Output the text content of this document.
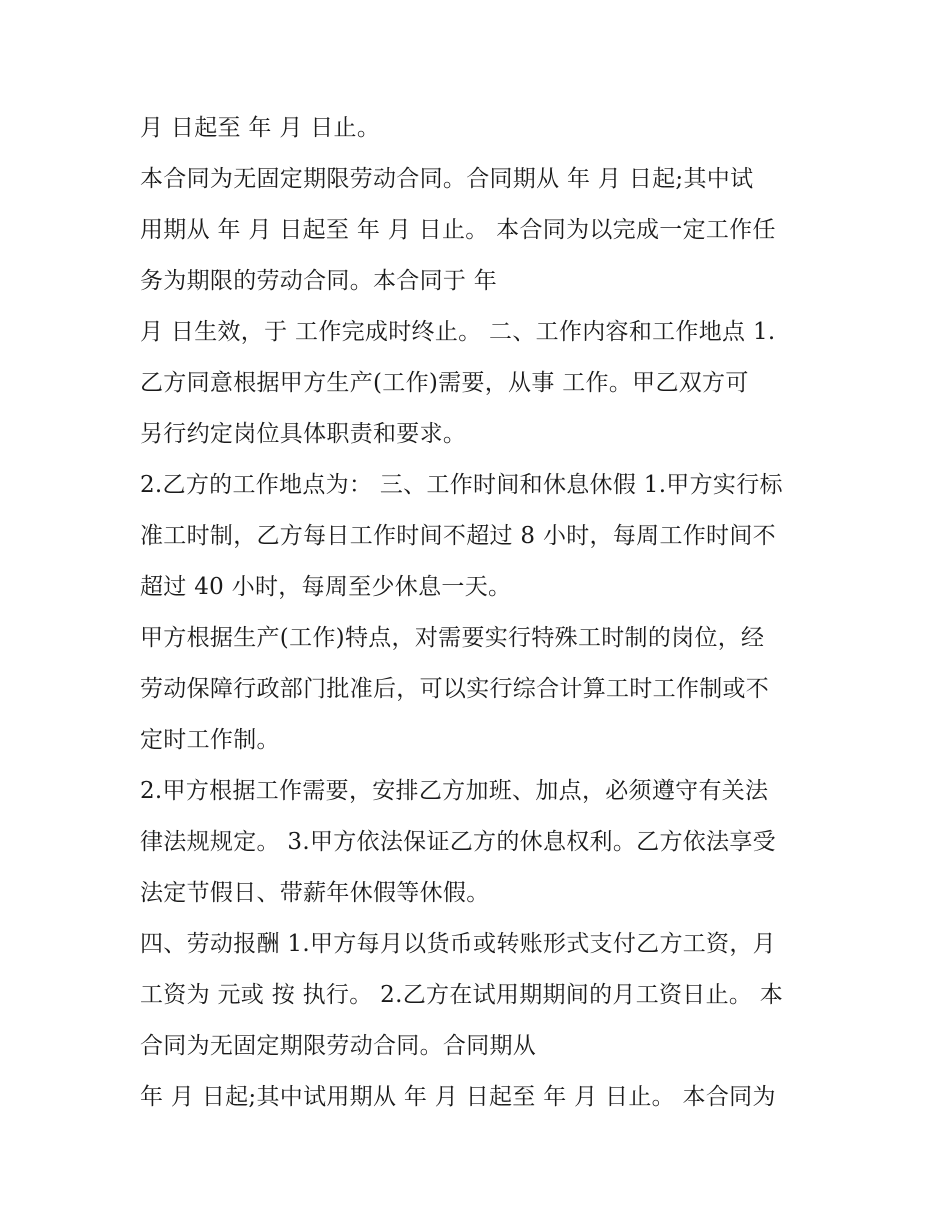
月 日起至 年 月 日止。
本合同为无固定期限劳动合同。合同期从 年 月 日起;其中试
用期从 年 月 日起至 年 月 日止。 本合同为以完成一定工作任
务为期限的劳动合同。本合同于 年
月 日生效，于 工作完成时终止。 二、工作内容和工作地点 1.
乙方同意根据甲方生产(工作)需要，从事 工作。甲乙双方可
另行约定岗位具体职责和要求。
2.乙方的工作地点为： 三、工作时间和休息休假 1.甲方实行标
准工时制，乙方每日工作时间不超过 8 小时，每周工作时间不
超过 40 小时，每周至少休息一天。
甲方根据生产(工作)特点，对需要实行特殊工时制的岗位，经
劳动保障行政部门批准后，可以实行综合计算工时工作制或不
定时工作制。
2.甲方根据工作需要，安排乙方加班、加点，必须遵守有关法
律法规规定。 3.甲方依法保证乙方的休息权利。乙方依法享受
法定节假日、带薪年休假等休假。
四、劳动报酬 1.甲方每月以货币或转账形式支付乙方工资，月
工资为 元或 按 执行。 2.乙方在试用期期间的月工资日止。 本
合同为无固定期限劳动合同。合同期从
年 月 日起;其中试用期从 年 月 日起至 年 月 日止。 本合同为
